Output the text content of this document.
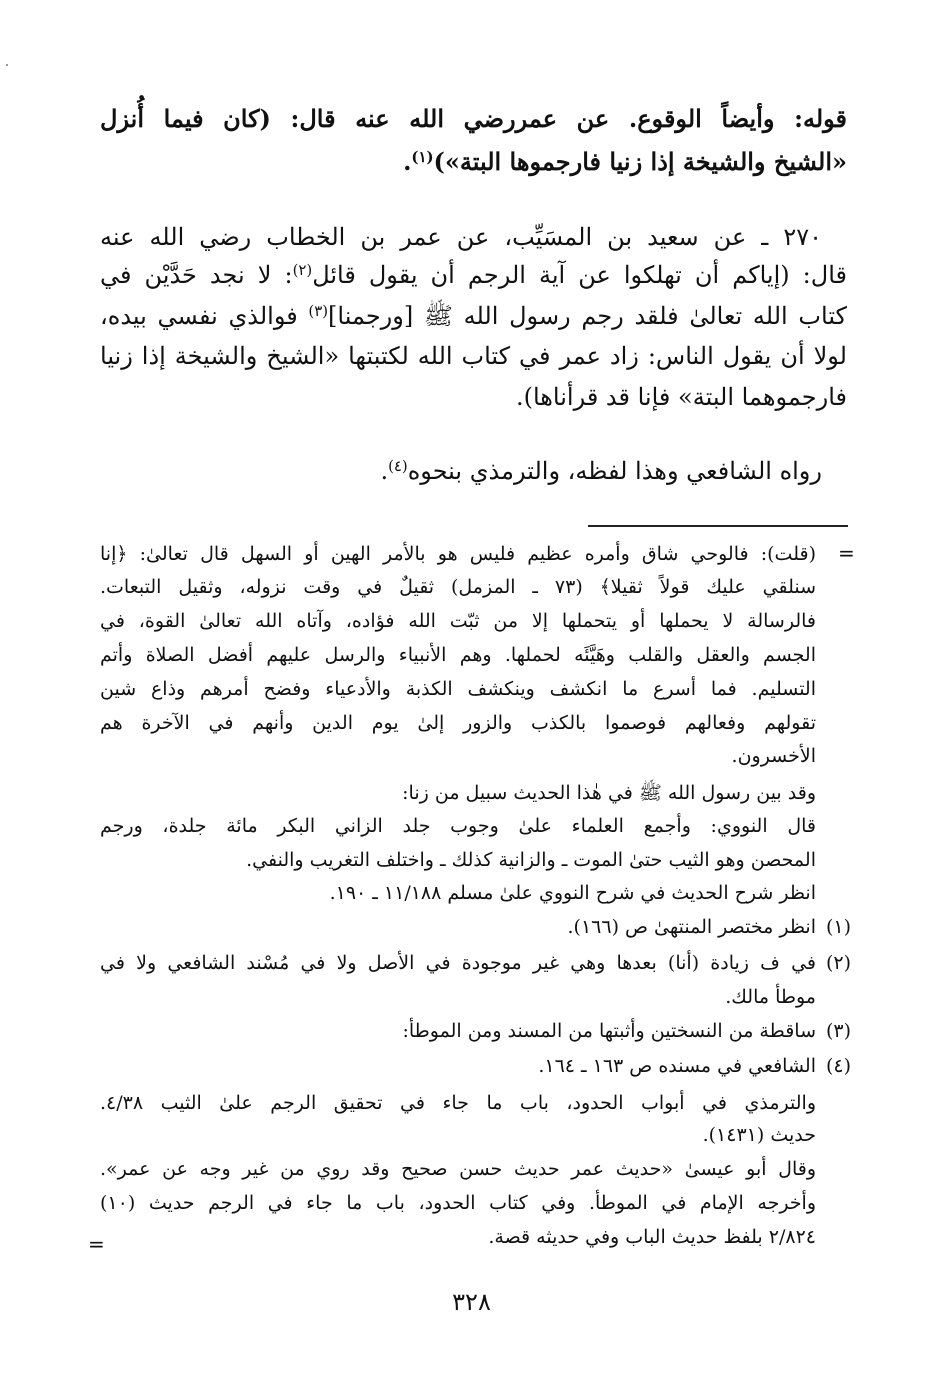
قوله: وأيضاً الوقوع. عن عمررضي الله عنه قال: (كان فيما أُنزل
«الشيخ والشيخة إذا زنيا فارجموها البتة»)$^{(١)}$.
٢٧٠ ـ عن سعيد بن المسَيِّب، عن عمر بن الخطاب رضي الله عنه
قال: (إياكم أن تهلكوا عن آية الرجم أن يقول قائل$^{(٢)}$: لا نجد حَدَّيْن في
كتاب الله تعالىٰ فلقد رجم رسول الله ﷺ [ورجمنا]$^{(٣)}$ فوالذي نفسي بيده،
لولا أن يقول الناس: زاد عمر في كتاب الله لكتبتها «الشيخ والشيخة إذا زنيا
فارجموهما البتة» فإنا قد قرأناها).
رواه الشافعي وهذا لفظه، والترمذي بنحوه$^{(٤)}$.
=
(قلت): فالوحي شاق وأمره عظيم فليس هو بالأمر الهين أو السهل قال تعالىٰ: ﴿إنا
سنلقي عليك قولاً ثقيلا﴾ (٧٣ ـ المزمل) ثقيلٌ في وقت نزوله، وثقيل التبعات.
فالرسالة لا يحملها أو يتحملها إلا من ثبّت الله فؤاده، وآتاه الله تعالىٰ القوة، في
الجسم والعقل والقلب وهَيَّئَه لحملها. وهم الأنبياء والرسل عليهم أفضل الصلاة وأتم
التسليم. فما أسرع ما انكشف وينكشف الكذبة والأدعياء وفضح أمرهم وذاع شين
تقولهم وفعالهم فوصموا بالكذب والزور إلىٰ يوم الدين وأنهم في الآخرة هم
الأخسرون.
وقد بين رسول الله ﷺ في هٰذا الحديث سبيل من زنا:
قال النووي: وأجمع العلماء علىٰ وجوب جلد الزاني البكر مائة جلدة، ورجم
المحصن وهو الثيب حتىٰ الموت ـ والزانية كذلك ـ واختلف التغريب والنفي.
انظر شرح الحديث في شرح النووي علىٰ مسلم ١١/١٨٨ ـ ١٩٠.
(١)
انظر مختصر المنتهىٰ ص (١٦٦).
(٢)
في ف زيادة (أنا) بعدها وهي غير موجودة في الأصل ولا في مُسْند الشافعي ولا في
موطأ مالك.
(٣)
ساقطة من النسختين وأثبتها من المسند ومن الموطأ:
(٤)
الشافعي في مسنده ص ١٦٣ ـ ١٦٤.
والترمذي في أبواب الحدود، باب ما جاء في تحقيق الرجم علىٰ الثيب ٤/٣٨.
حديث (١٤٣١).
وقال أبو عيسىٰ «حديث عمر حديث حسن صحيح وقد روي من غير وجه عن عمر».
وأخرجه الإمام في الموطأ. وفي كتاب الحدود، باب ما جاء في الرجم حديث (١٠)
٢/٨٢٤ بلفظ حديث الباب وفي حديثه قصة.
=
٣٢٨
